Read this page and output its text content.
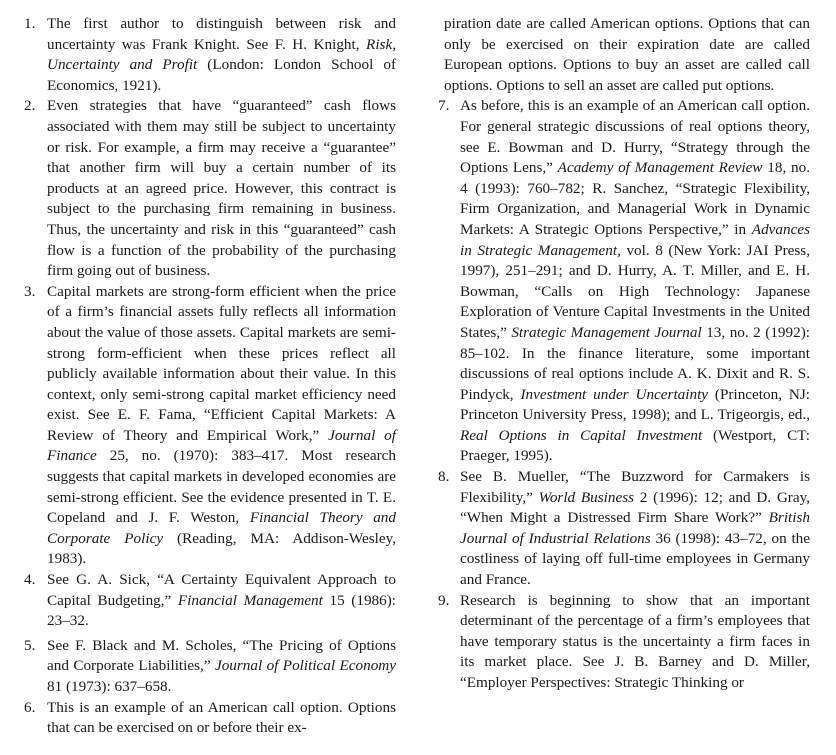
1. The first author to distinguish between risk and uncertainty was Frank Knight. See F. H. Knight, Risk, Uncertainty and Profit (London: London School of Economics, 1921).

2. Even strategies that have “guaranteed” cash flows associated with them may still be subject to uncertainty or risk. For example, a firm may receive a “guarantee” that another firm will buy a certain number of its products at an agreed price. However, this contract is subject to the purchasing firm remaining in business. Thus, the uncertainty and risk in this “guaranteed” cash flow is a function of the probability of the purchasing firm going out of business.

3. Capital markets are strong-form efficient when the price of a firm’s financial assets fully reflects all information about the value of those assets. Capital markets are semi-strong form-efficient when these prices reflect all publicly available information about their value. In this context, only semi-strong capital market efficiency need exist. See E. F. Fama, “Efficient Capital Markets: A Review of Theory and Empirical Work,” Journal of Finance 25, no. (1970): 383–417. Most research suggests that capital markets in developed economies are semi-strong efficient. See the evidence presented in T. E. Copeland and J. F. Weston, Financial Theory and Corporate Policy (Reading, MA: Addison-Wesley, 1983).

4. See G. A. Sick, “A Certainty Equivalent Approach to Capital Budgeting,” Financial Management 15 (1986): 23–32.

5. See F. Black and M. Scholes, “The Pricing of Options and Corporate Liabilities,” Journal of Political Economy 81 (1973): 637–658.

6. This is an example of an American call option. Options that can be exercised on or before their ex-

piration date are called American options. Options that can only be exercised on their expiration date are called European options. Options to buy an asset are called call options. Options to sell an asset are called put options.

7. As before, this is an example of an American call option. For general strategic discussions of real options theory, see E. Bowman and D. Hurry, “Strategy through the Options Lens,” Academy of Management Review 18, no. 4 (1993): 760–782; R. Sanchez, “Strategic Flexibility, Firm Organization, and Managerial Work in Dynamic Markets: A Strategic Options Perspective,” in Advances in Strategic Management, vol. 8 (New York: JAI Press, 1997), 251–291; and D. Hurry, A. T. Miller, and E. H. Bowman, “Calls on High Technology: Japanese Exploration of Venture Capital Investments in the United States,” Strategic Management Journal 13, no. 2 (1992): 85–102. In the finance literature, some important discussions of real options include A. K. Dixit and R. S. Pindyck, Investment under Uncertainty (Princeton, NJ: Princeton University Press, 1998); and L. Trigeorgis, ed., Real Options in Capital Investment (Westport, CT: Praeger, 1995).

8. See B. Mueller, “The Buzzword for Carmakers is Flexibility,” World Business 2 (1996): 12; and D. Gray, “When Might a Distressed Firm Share Work?” British Journal of Industrial Relations 36 (1998): 43–72, on the costliness of laying off full-time employees in Germany and France.

9. Research is beginning to show that an important determinant of the percentage of a firm’s employees that have temporary status is the uncertainty a firm faces in its market place. See J. B. Barney and D. Miller, “Employer Perspectives: Strategic Thinking or
